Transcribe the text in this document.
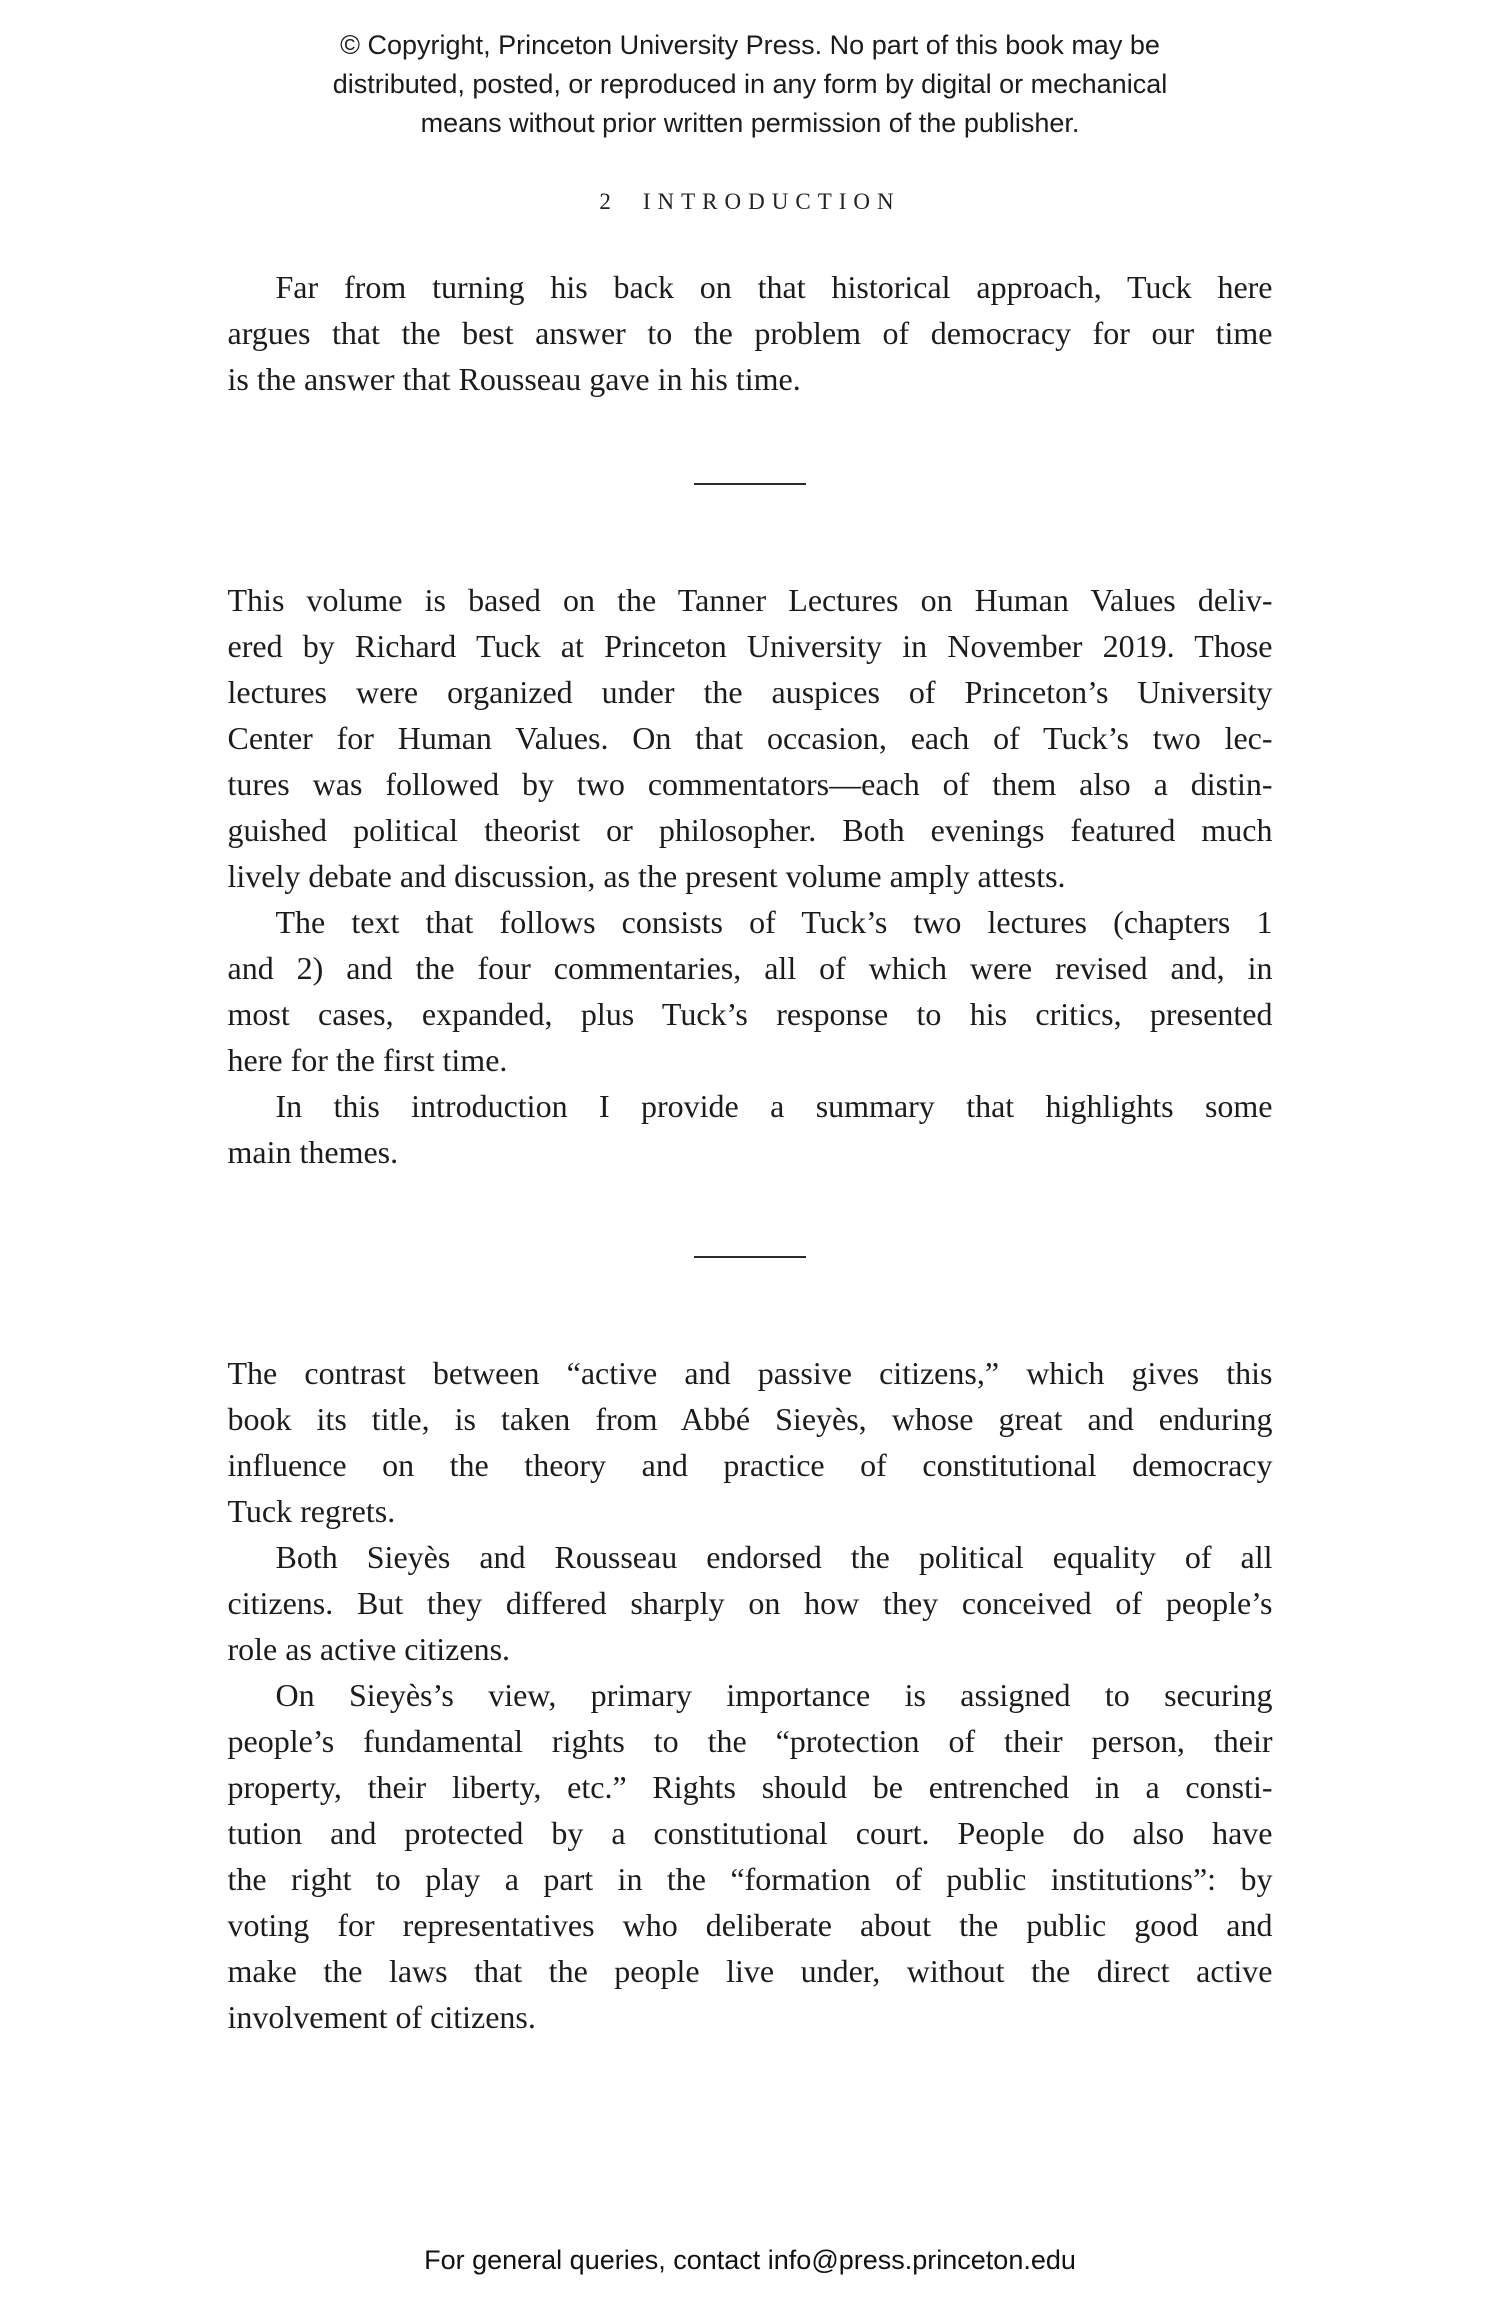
© Copyright, Princeton University Press. No part of this book may be
distributed, posted, or reproduced in any form by digital or mechanical
means without prior written permission of the publisher.
2 INTRODUCTION
Far from turning his back on that historical approach, Tuck here
argues that the best answer to the problem of democracy for our time
is the answer that Rousseau gave in his time.
This volume is based on the Tanner Lectures on Human Values deliv-
ered by Richard Tuck at Princeton University in November 2019. Those
lectures were organized under the auspices of Princeton’s University
Center for Human Values. On that occasion, each of Tuck’s two lec-
tures was followed by two commentators—each of them also a distin-
guished political theorist or philosopher. Both evenings featured much
lively debate and discussion, as the present volume amply attests.
The text that follows consists of Tuck’s two lectures (chapters 1
and 2) and the four commentaries, all of which were revised and, in
most cases, expanded, plus Tuck’s response to his critics, presented
here for the first time.
In this introduction I provide a summary that highlights some
main themes.
The contrast between “active and passive citizens,” which gives this
book its title, is taken from Abbé Sieyès, whose great and enduring
influence on the theory and practice of constitutional democracy
Tuck regrets.
Both Sieyès and Rousseau endorsed the political equality of all
citizens. But they differed sharply on how they conceived of people’s
role as active citizens.
On Sieyès’s view, primary importance is assigned to securing
people’s fundamental rights to the “protection of their person, their
property, their liberty, etc.” Rights should be entrenched in a consti-
tution and protected by a constitutional court. People do also have
the right to play a part in the “formation of public institutions”: by
voting for representatives who deliberate about the public good and
make the laws that the people live under, without the direct active
involvement of citizens.
For general queries, contact info@press.princeton.edu
